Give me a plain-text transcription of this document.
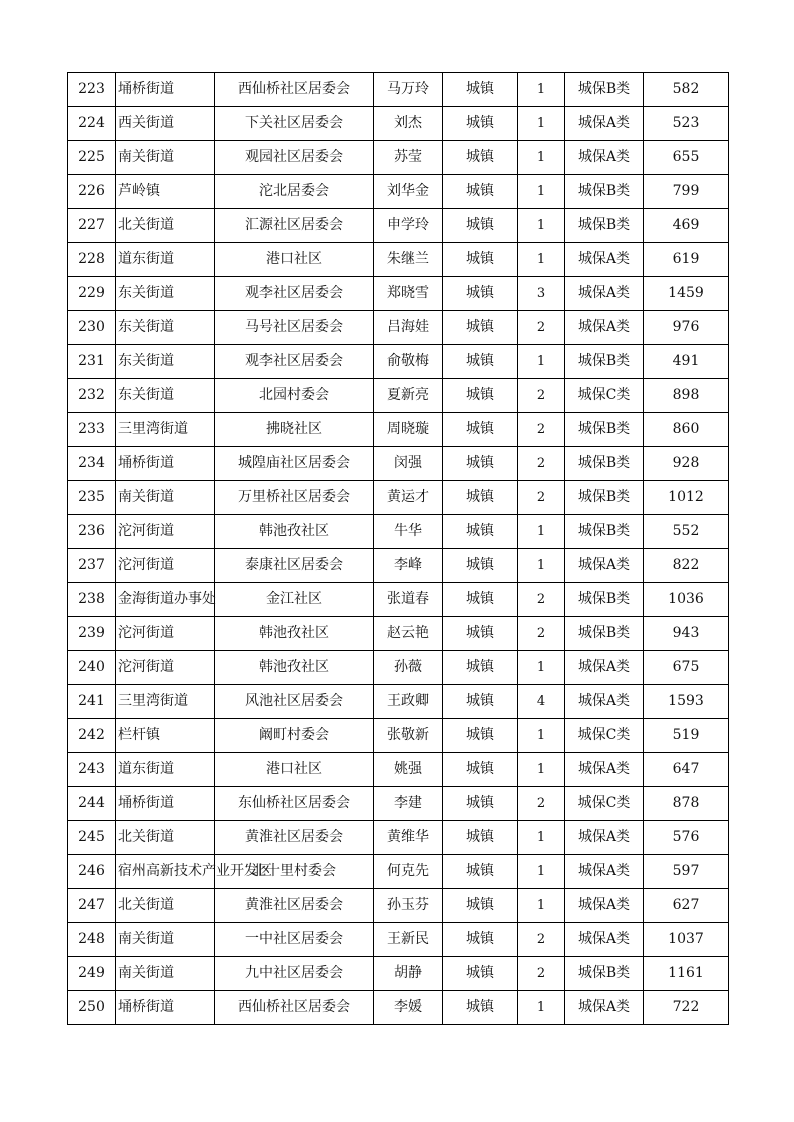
223	埇桥街道	西仙桥社区居委会	马万玲	城镇	1	城保B类	582
224	西关街道	下关社区居委会	刘杰	城镇	1	城保A类	523
225	南关街道	观园社区居委会	苏莹	城镇	1	城保A类	655
226	芦岭镇	沱北居委会	刘华金	城镇	1	城保B类	799
227	北关街道	汇源社区居委会	申学玲	城镇	1	城保B类	469
228	道东街道	港口社区	朱继兰	城镇	1	城保A类	619
229	东关街道	观李社区居委会	郑晓雪	城镇	3	城保A类	1459
230	东关街道	马号社区居委会	吕海娃	城镇	2	城保A类	976
231	东关街道	观李社区居委会	俞敬梅	城镇	1	城保B类	491
232	东关街道	北园村委会	夏新亮	城镇	2	城保C类	898
233	三里湾街道	拂晓社区	周晓璇	城镇	2	城保B类	860
234	埇桥街道	城隍庙社区居委会	闵强	城镇	2	城保B类	928
235	南关街道	万里桥社区居委会	黄运才	城镇	2	城保B类	1012
236	沱河街道	韩池孜社区	牛华	城镇	1	城保B类	552
237	沱河街道	泰康社区居委会	李峰	城镇	1	城保A类	822
238	金海街道办事处	金江社区	张道春	城镇	2	城保B类	1036
239	沱河街道	韩池孜社区	赵云艳	城镇	2	城保B类	943
240	沱河街道	韩池孜社区	孙薇	城镇	1	城保A类	675
241	三里湾街道	风池社区居委会	王政卿	城镇	4	城保A类	1593
242	栏杆镇	阚町村委会	张敬新	城镇	1	城保C类	519
243	道东街道	港口社区	姚强	城镇	1	城保A类	647
244	埇桥街道	东仙桥社区居委会	李建	城镇	2	城保C类	878
245	北关街道	黄淮社区居委会	黄维华	城镇	1	城保A类	576
246	宿州高新技术产业开发区	北十里村委会	何克先	城镇	1	城保A类	597
247	北关街道	黄淮社区居委会	孙玉芬	城镇	1	城保A类	627
248	南关街道	一中社区居委会	王新民	城镇	2	城保A类	1037
249	南关街道	九中社区居委会	胡静	城镇	2	城保B类	1161
250	埇桥街道	西仙桥社区居委会	李媛	城镇	1	城保A类	722
